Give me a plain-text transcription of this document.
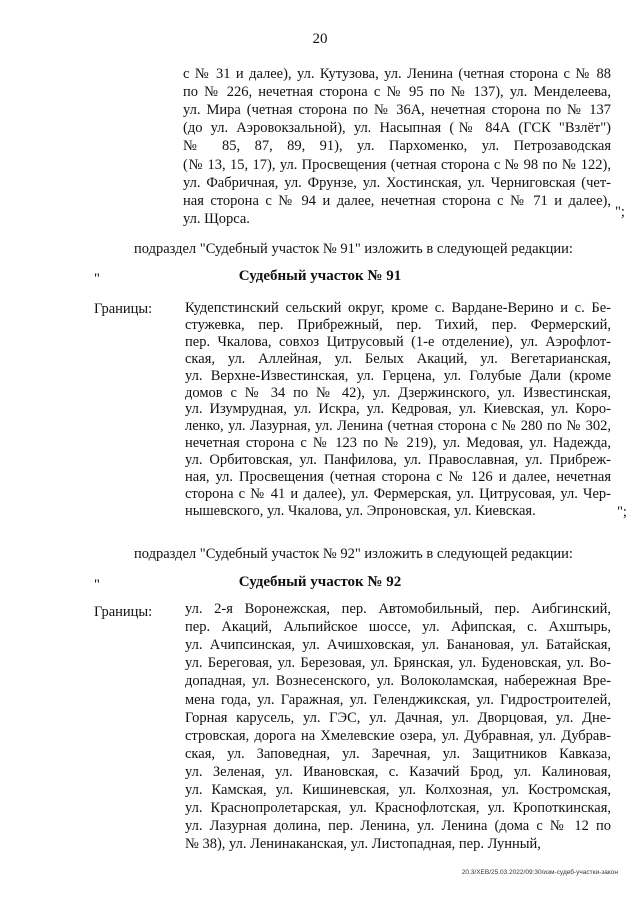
20
с № 31 и далее), ул. Кутузова, ул. Ленина (четная сторона с № 88
по № 226, нечетная сторона с № 95 по № 137), ул. Менделеева,
ул. Мира (четная сторона по № 36А, нечетная сторона по № 137
(до ул. Аэровокзальной), ул. Насыпная (№ 84А (ГСК "Взлёт")
№ 85, 87, 89, 91), ул. Пархоменко, ул. Петрозаводская
(№ 13, 15, 17), ул. Просвещения (четная сторона с № 98 по № 122),
ул. Фабричная, ул. Фрунзе, ул. Хостинская, ул. Черниговская (чет-
ная сторона с № 94 и далее, нечетная сторона с № 71 и далее),
ул. Щорса.	";
подраздел "Судебный участок № 91" изложить в следующей редакции:
"	Судебный участок № 91
Границы: Кудепстинский сельский округ, кроме с. Вардане-Верино и с. Бе-
стужевка, пер. Прибрежный, пер. Тихий, пер. Фермерский,
пер. Чкалова, совхоз Цитрусовый (1-е отделение), ул. Аэрофлот-
ская, ул. Аллейная, ул. Белых Акаций, ул. Вегетарианская,
ул. Верхне-Известинская, ул. Герцена, ул. Голубые Дали (кроме
домов с № 34 по № 42), ул. Дзержинского, ул. Известинская,
ул. Изумрудная, ул. Искра, ул. Кедровая, ул. Киевская, ул. Коро-
ленко, ул. Лазурная, ул. Ленина (четная сторона с № 280 по № 302,
нечетная сторона с № 123 по № 219), ул. Медовая, ул. Надежда,
ул. Орбитовская, ул. Панфилова, ул. Православная, ул. Прибреж-
ная, ул. Просвещения (четная сторона с № 126 и далее, нечетная
сторона с № 41 и далее), ул. Фермерская, ул. Цитрусовая, ул. Чер-
нышевского, ул. Чкалова, ул. Эпроновская, ул. Киевская.	";
подраздел "Судебный участок № 92" изложить в следующей редакции:
"	Судебный участок № 92
Границы: ул. 2-я Воронежская, пер. Автомобильный, пер. Аибгинский,
пер. Акаций, Альпийское шоссе, ул. Афипская, с. Ахштырь,
ул. Ачипсинская, ул. Ачишховская, ул. Банановая, ул. Батайская,
ул. Береговая, ул. Березовая, ул. Брянская, ул. Буденовская, ул. Во-
допадная, ул. Вознесенского, ул. Волоколамская, набережная Вре-
мена года, ул. Гаражная, ул. Геленджикская, ул. Гидростроителей,
Горная карусель, ул. ГЭС, ул. Дачная, ул. Дворцовая, ул. Дне-
стровская, дорога на Хмелевские озера, ул. Дубравная, ул. Дубрав-
ская, ул. Заповедная, ул. Заречная, ул. Защитников Кавказа,
ул. Зеленая, ул. Ивановская, с. Казачий Брод, ул. Калиновая,
ул. Камская, ул. Кишиневская, ул. Колхозная, ул. Костромская,
ул. Краснопролетарская, ул. Краснофлотская, ул. Кропоткинская,
ул. Лазурная долина, пер. Ленина, ул. Ленина (дома с № 12 по
№ 38), ул. Ленинаканская, ул. Листопадная, пер. Лунный,
20.3/ХЕВ/25.03.2022/09:30/изм-судеб-участки-закон
